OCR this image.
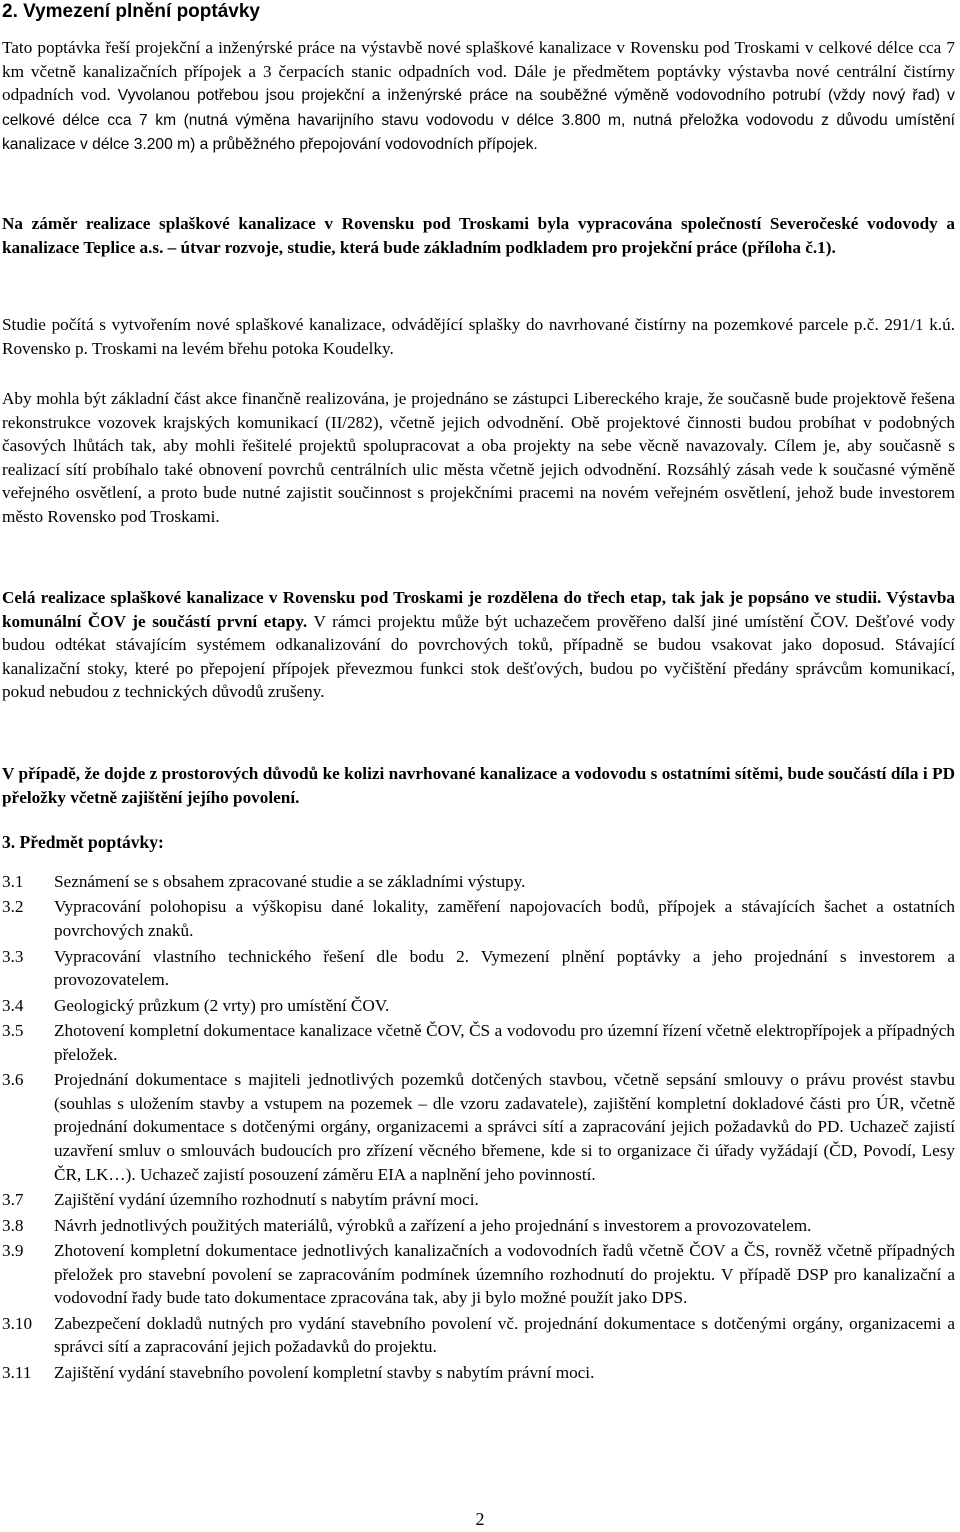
2. Vymezení plnění poptávky

Tato poptávka řeší projekční a inženýrské práce na výstavbě nové splaškové kanalizace v Rovensku pod Troskami v celkové délce cca 7 km včetně kanalizačních přípojek a 3 čerpacích stanic odpadních vod. Dále je předmětem poptávky výstavba nové centrální čistírny odpadních vod. Vyvolanou potřebou jsou projekční a inženýrské práce na souběžné výměně vodovodního potrubí (vždy nový řad) v celkové délce cca 7 km (nutná výměna havarijního stavu vodovodu v délce 3.800 m, nutná přeložka vodovodu z důvodu umístění kanalizace v délce 3.200 m) a průběžného přepojování vodovodních přípojek.

Na záměr realizace splaškové kanalizace v Rovensku pod Troskami byla vypracována společností Severočeské vodovody a kanalizace Teplice a.s. – útvar rozvoje, studie, která bude základním podkladem pro projekční práce (příloha č.1).

Studie počítá s vytvořením nové splaškové kanalizace, odvádějící splašky do navrhované čistírny na pozemkové parcele p.č. 291/1 k.ú. Rovensko p. Troskami na levém břehu potoka Koudelky.

Aby mohla být základní část akce finančně realizována, je projednáno se zástupci Libereckého kraje, že současně bude projektově řešena rekonstrukce vozovek krajských komunikací (II/282), včetně jejich odvodnění. Obě projektové činnosti budou probíhat v podobných časových lhůtách tak, aby mohli řešitelé projektů spolupracovat a oba projekty na sebe věcně navazovaly. Cílem je, aby současně s realizací sítí probíhalo také obnovení povrchů centrálních ulic města včetně jejich odvodnění. Rozsáhlý zásah vede k současné výměně veřejného osvětlení, a proto bude nutné zajistit součinnost s projekčními pracemi na novém veřejném osvětlení, jehož bude investorem město Rovensko pod Troskami.

Celá realizace splaškové kanalizace v Rovensku pod Troskami je rozdělena do třech etap, tak jak je popsáno ve studii. Výstavba komunální ČOV je součástí první etapy. V rámci projektu může být uchazečem prověřeno další jiné umístění ČOV. Dešťové vody budou odtékat stávajícím systémem odkanalizování do povrchových toků, případně se budou vsakovat jako doposud. Stávající kanalizační stoky, které po přepojení přípojek převezmou funkci stok dešťových, budou po vyčištění předány správcům komunikací, pokud nebudou z technických důvodů zrušeny.

V případě, že dojde z prostorových důvodů ke kolizi navrhované kanalizace a vodovodu s ostatními sítěmi, bude součástí díla i PD přeložky včetně zajištění jejího povolení.

3. Předmět poptávky:
3.1	Seznámení se s obsahem zpracované studie a se základními výstupy.
3.2	Vypracování polohopisu a výškopisu dané lokality, zaměření napojovacích bodů, přípojek a stávajících šachet a ostatních povrchových znaků.
3.3	Vypracování vlastního technického řešení dle bodu 2. Vymezení plnění poptávky a jeho projednání s investorem a provozovatelem.
3.4	Geologický průzkum (2 vrty) pro umístění ČOV.
3.5	Zhotovení kompletní dokumentace kanalizace včetně ČOV, ČS a vodovodu pro územní řízení včetně elektropřípojek a případných přeložek.
3.6	Projednání dokumentace s majiteli jednotlivých pozemků dotčených stavbou, včetně sepsání smlouvy o právu provést stavbu (souhlas s uložením stavby a vstupem na pozemek – dle vzoru zadavatele), zajištění kompletní dokladové části pro ÚR, včetně projednání dokumentace s dotčenými orgány, organizacemi a správci sítí a zapracování jejich požadavků do PD. Uchazeč zajistí uzavření smluv o smlouvách budoucích pro zřízení věcného břemene, kde si to organizace či úřady vyžádají (ČD, Povodí, Lesy ČR, LK…). Uchazeč zajistí posouzení záměru EIA a naplnění jeho povinností.
3.7	Zajištění vydání územního rozhodnutí s nabytím právní moci.
3.8	Návrh jednotlivých použitých materiálů, výrobků a zařízení a jeho projednání s investorem a provozovatelem.
3.9	Zhotovení kompletní dokumentace jednotlivých kanalizačních a vodovodních řadů včetně ČOV a ČS, rovněž včetně případných přeložek pro stavební povolení se zapracováním podmínek územního rozhodnutí do projektu. V případě DSP pro kanalizační a vodovodní řady bude tato dokumentace zpracována tak, aby ji bylo možné použít jako DPS.
3.10	Zabezpečení dokladů nutných pro vydání stavebního povolení vč. projednání dokumentace s dotčenými orgány, organizacemi a správci sítí a zapracování jejich požadavků do projektu.
3.11	Zajištění vydání stavebního povolení kompletní stavby s nabytím právní moci.
2
